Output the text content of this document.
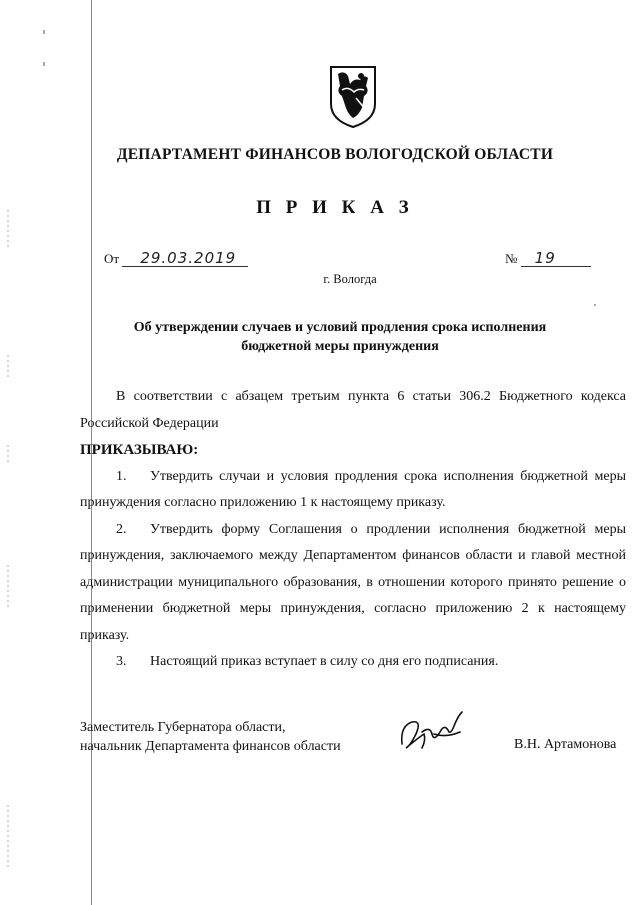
ДЕПАРТАМЕНТ ФИНАНСОВ ВОЛОГОДСКОЙ ОБЛАСТИ
П Р И К А З
От 29.03.2019	№ 19
г. Вологда
Об утверждении случаев и условий продления срока исполнения
бюджетной меры принуждения

В соответствии с абзацем третьим пункта 6 статьи 306.2 Бюджетного кодекса Российской Федерации

ПРИКАЗЫВАЮ:

1. Утвердить случаи и условия продления срока исполнения бюджетной меры принуждения согласно приложению 1 к настоящему приказу.

2. Утвердить форму Соглашения о продлении исполнения бюджетной меры принуждения, заключаемого между Департаментом финансов области и главой местной администрации муниципального образования, в отношении которого принято решение о применении бюджетной меры принуждения, согласно приложению 2 к настоящему приказу.

3. Настоящий приказ вступает в силу со дня его подписания.

Заместитель Губернатора области,
начальник Департамента финансов области	В.Н. Артамонова
